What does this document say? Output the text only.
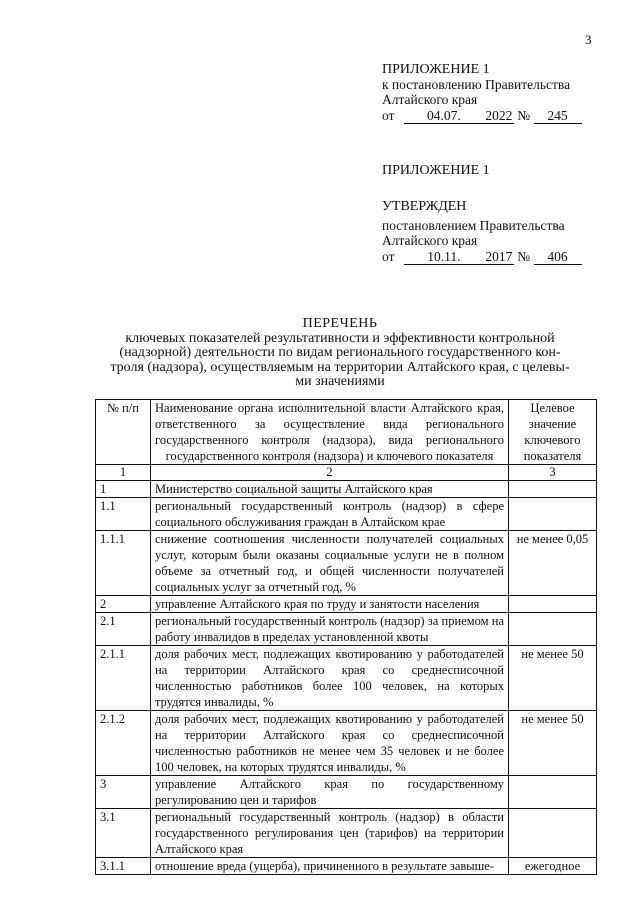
3
ПРИЛОЖЕНИЕ 1
к постановлению Правительства
Алтайского края
от 04.07. 2022 № 245
ПРИЛОЖЕНИЕ 1
УТВЕРЖДЕН
постановлением Правительства
Алтайского края
от 10.11. 2017 № 406
ПЕРЕЧЕНЬ
ключевых показателей результативности и эффективности контрольной
(надзорной) деятельности по видам регионального государственного кон-
троля (надзора), осуществляемым на территории Алтайского края, с целевы-
ми значениями
№ п/п	Наименование органа исполнительной власти Алтайского края, ответственного за осуществление вида регионального государственного контроля (надзора), вида регионального государственного контроля (надзора) и ключевого показателя	Целевое значение ключевого показателя
1	2	3
1	Министерство социальной защиты Алтайского края	
1.1	региональный государственный контроль (надзор) в сфере социального обслуживания граждан в Алтайском крае	
1.1.1	снижение соотношения численности получателей социальных услуг, которым были оказаны социальные услуги не в полном объеме за отчетный год, и общей численности получателей социальных услуг за отчетный год, %	не менее 0,05
2	управление Алтайского края по труду и занятости населения	
2.1	региональный государственный контроль (надзор) за приемом на работу инвалидов в пределах установленной квоты	
2.1.1	доля рабочих мест, подлежащих квотированию у работодателей на территории Алтайского края со среднесписочной численностью работников более 100 человек, на которых трудятся инвалиды, %	не менее 50
2.1.2	доля рабочих мест, подлежащих квотированию у работодателей на территории Алтайского края со среднесписочной численностью работников не менее чем 35 человек и не более 100 человек, на которых трудятся инвалиды, %	не менее 50
3	управление Алтайского края по государственному регулированию цен и тарифов	
3.1	региональный государственный контроль (надзор) в области государственного регулирования цен (тарифов) на территории Алтайского края	
3.1.1	отношение вреда (ущерба), причиненного в результате завыше-	ежегодное
